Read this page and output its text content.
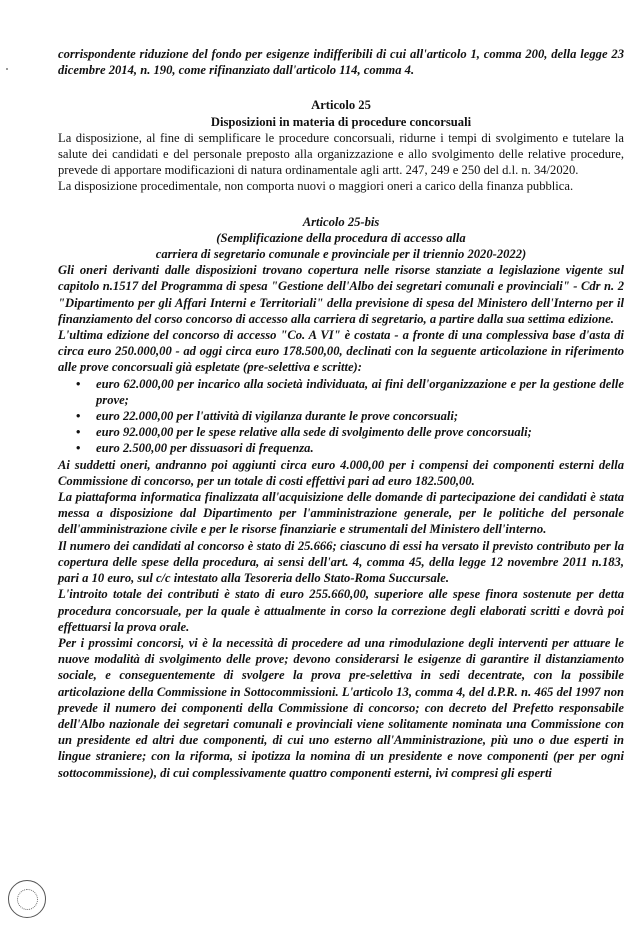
corrispondente riduzione del fondo per esigenze indifferibili di cui all'articolo 1, comma 200, della legge 23 dicembre 2014, n. 190, come rifinanziato dall'articolo 114, comma 4.

Articolo 25

Disposizioni in materia di procedure concorsuali

La disposizione, al fine di semplificare le procedure concorsuali, ridurne i tempi di svolgimento e tutelare la salute dei candidati e del personale preposto alla organizzazione e allo svolgimento delle relative procedure, prevede di apportare modificazioni di natura ordinamentale agli artt. 247, 249 e 250 del d.l. n. 34/2020.

La disposizione procedimentale, non comporta nuovi o maggiori oneri a carico della finanza pubblica.

Articolo 25-bis

(Semplificazione della procedura di accesso alla

carriera di segretario comunale e provinciale per il triennio 2020-2022)

Gli oneri derivanti dalle disposizioni trovano copertura nelle risorse stanziate a legislazione vigente sul capitolo n.1517 del Programma di spesa "Gestione dell'Albo dei segretari comunali e provinciali" - Cdr n. 2 "Dipartimento per gli Affari Interni e Territoriali" della previsione di spesa del Ministero dell'Interno per il finanziamento del corso concorso di accesso alla carriera di segretario, a partire dalla sua settima edizione.

L'ultima edizione del concorso di accesso "Co. A VI" è costata - a fronte di una complessiva base d'asta di circa euro 250.000,00 - ad oggi circa euro 178.500,00, declinati con la seguente articolazione in riferimento alle prove concorsuali già espletate (pre-selettiva e scritte):

• euro 62.000,00 per incarico alla società individuata, ai fini dell'organizzazione e per la gestione delle prove;
• euro 22.000,00 per l'attività di vigilanza durante le prove concorsuali;
• euro 92.000,00 per le spese relative alla sede di svolgimento delle prove concorsuali;
• euro 2.500,00 per dissuasori di frequenza.

Ai suddetti oneri, andranno poi aggiunti circa euro 4.000,00 per i compensi dei componenti esterni della Commissione di concorso, per un totale di costi effettivi pari ad euro 182.500,00.

La piattaforma informatica finalizzata all'acquisizione delle domande di partecipazione dei candidati è stata messa a disposizione dal Dipartimento per l'amministrazione generale, per le politiche del personale dell'amministrazione civile e per le risorse finanziarie e strumentali del Ministero dell'interno.

Il numero dei candidati al concorso è stato di 25.666; ciascuno di essi ha versato il previsto contributo per la copertura delle spese della procedura, ai sensi dell'art. 4, comma 45, della legge 12 novembre 2011 n.183, pari a 10 euro, sul c/c intestato alla Tesoreria dello Stato-Roma Succursale.

L'introito totale dei contributi è stato di euro 255.660,00, superiore alle spese finora sostenute per detta procedura concorsuale, per la quale è attualmente in corso la correzione degli elaborati scritti e dovrà poi effettuarsi la prova orale.

Per i prossimi concorsi, vi è la necessità di procedere ad una rimodulazione degli interventi per attuare le nuove modalità di svolgimento delle prove; devono considerarsi le esigenze di garantire il distanziamento sociale, e conseguentemente di svolgere la prova pre-selettiva in sedi decentrate, con la possibile articolazione della Commissione in Sottocommissioni. L'articolo 13, comma 4, del d.P.R. n. 465 del 1997 non prevede il numero dei componenti della Commissione di concorso; con decreto del Prefetto responsabile dell'Albo nazionale dei segretari comunali e provinciali viene solitamente nominata una Commissione con un presidente ed altri due componenti, di cui uno esterno all'Amministrazione, più uno o due esperti in lingue straniere; con la riforma, si ipotizza la nomina di un presidente e nove componenti (per per ogni sottocommissione), di cui complessivamente quattro componenti esterni, ivi compresi gli esperti
